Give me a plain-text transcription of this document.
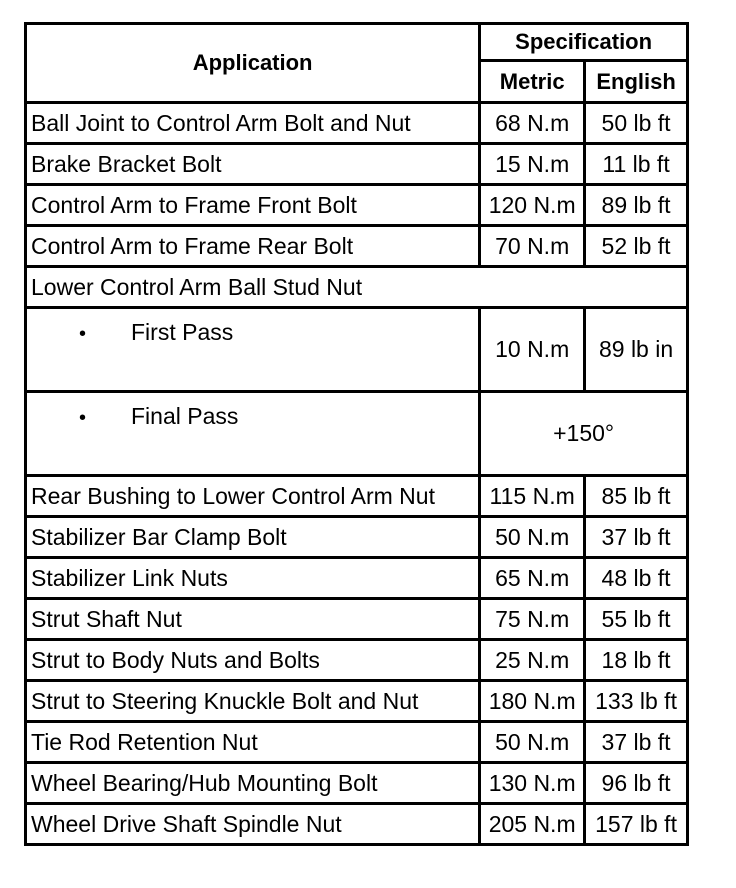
Application	Specification	
	Metric	English
Ball Joint to Control Arm Bolt and Nut	68 N.m	50 lb ft
Brake Bracket Bolt	15 N.m	11 lb ft
Control Arm to Frame Front Bolt	120 N.m	89 lb ft
Control Arm to Frame Rear Bolt	70 N.m	52 lb ft
Lower Control Arm Ball Stud Nut		
• First Pass	10 N.m	89 lb in
• Final Pass	+150°	
Rear Bushing to Lower Control Arm Nut	115 N.m	85 lb ft
Stabilizer Bar Clamp Bolt	50 N.m	37 lb ft
Stabilizer Link Nuts	65 N.m	48 lb ft
Strut Shaft Nut	75 N.m	55 lb ft
Strut to Body Nuts and Bolts	25 N.m	18 lb ft
Strut to Steering Knuckle Bolt and Nut	180 N.m	133 lb ft
Tie Rod Retention Nut	50 N.m	37 lb ft
Wheel Bearing/Hub Mounting Bolt	130 N.m	96 lb ft
Wheel Drive Shaft Spindle Nut	205 N.m	157 lb ft
